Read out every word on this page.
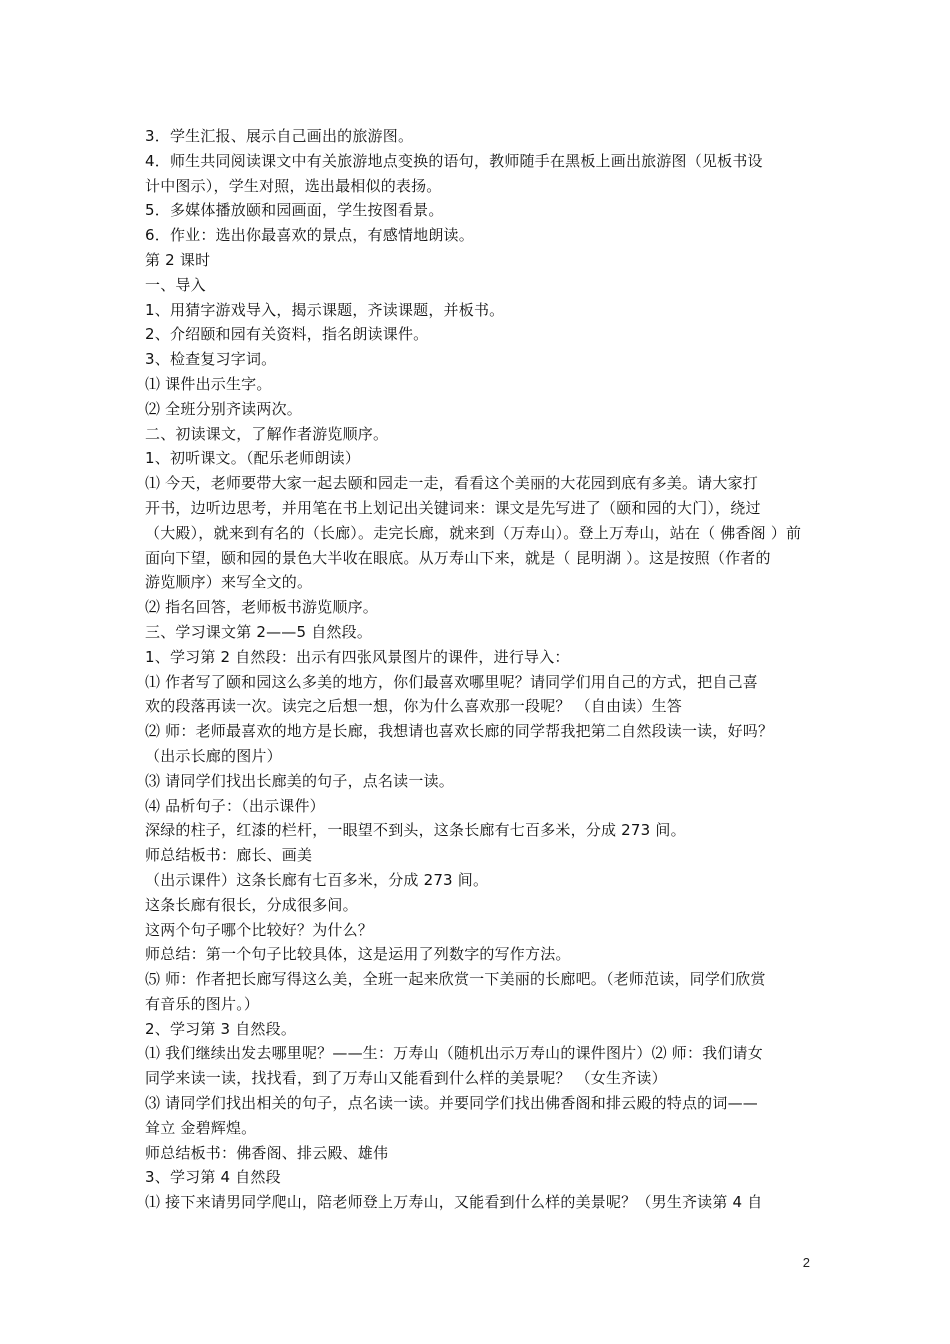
3．学生汇报、展示自己画出的旅游图。
4．师生共同阅读课文中有关旅游地点变换的语句，教师随手在黑板上画出旅游图（见板书设
计中图示），学生对照，选出最相似的表扬。
5．多媒体播放颐和园画面，学生按图看景。
6．作业：选出你最喜欢的景点，有感情地朗读。
第 2 课时
一、导入
1、用猜字游戏导入，揭示课题，齐读课题，并板书。
2、介绍颐和园有关资料，指名朗读课件。
3、检查复习字词。
⑴ 课件出示生字。
⑵ 全班分别齐读两次。
二、初读课文，了解作者游览顺序。
1、初听课文。（配乐老师朗读）
⑴ 今天，老师要带大家一起去颐和园走一走，看看这个美丽的大花园到底有多美。请大家打
开书，边听边思考，并用笔在书上划记出关键词来：课文是先写进了（颐和园的大门），绕过
（大殿），就来到有名的（长廊）。走完长廊，就来到（万寿山）。登上万寿山，站在（ 佛香阁 ）前
面向下望，颐和园的景色大半收在眼底。从万寿山下来，就是（ 昆明湖 ）。这是按照（作者的
游览顺序）来写全文的。
⑵ 指名回答，老师板书游览顺序。
三、学习课文第 2——5 自然段。
1、学习第 2 自然段：出示有四张风景图片的课件，进行导入：
⑴ 作者写了颐和园这么多美的地方，你们最喜欢哪里呢？请同学们用自己的方式，把自己喜
欢的段落再读一次。读完之后想一想，你为什么喜欢那一段呢？ （自由读）生答
⑵ 师：老师最喜欢的地方是长廊，我想请也喜欢长廊的同学帮我把第二自然段读一读，好吗？
（出示长廊的图片）
⑶ 请同学们找出长廊美的句子，点名读一读。
⑷ 品析句子：（出示课件）
深绿的柱子，红漆的栏杆，一眼望不到头，这条长廊有七百多米，分成 273 间。
师总结板书：廊长、画美
（出示课件）这条长廊有七百多米，分成 273 间。
这条长廊有很长，分成很多间。
这两个句子哪个比较好？为什么？
师总结：第一个句子比较具体，这是运用了列数字的写作方法。
⑸ 师：作者把长廊写得这么美，全班一起来欣赏一下美丽的长廊吧。（老师范读，同学们欣赏
有音乐的图片。）
2、学习第 3 自然段。
⑴ 我们继续出发去哪里呢？——生：万寿山（随机出示万寿山的课件图片）⑵ 师：我们请女
同学来读一读，找找看，到了万寿山又能看到什么样的美景呢？ （女生齐读）
⑶ 请同学们找出相关的句子，点名读一读。并要同学们找出佛香阁和排云殿的特点的词——
耸立 金碧辉煌。
师总结板书：佛香阁、排云殿、雄伟
3、学习第 4 自然段
⑴ 接下来请男同学爬山，陪老师登上万寿山，又能看到什么样的美景呢？（男生齐读第 4 自
2
